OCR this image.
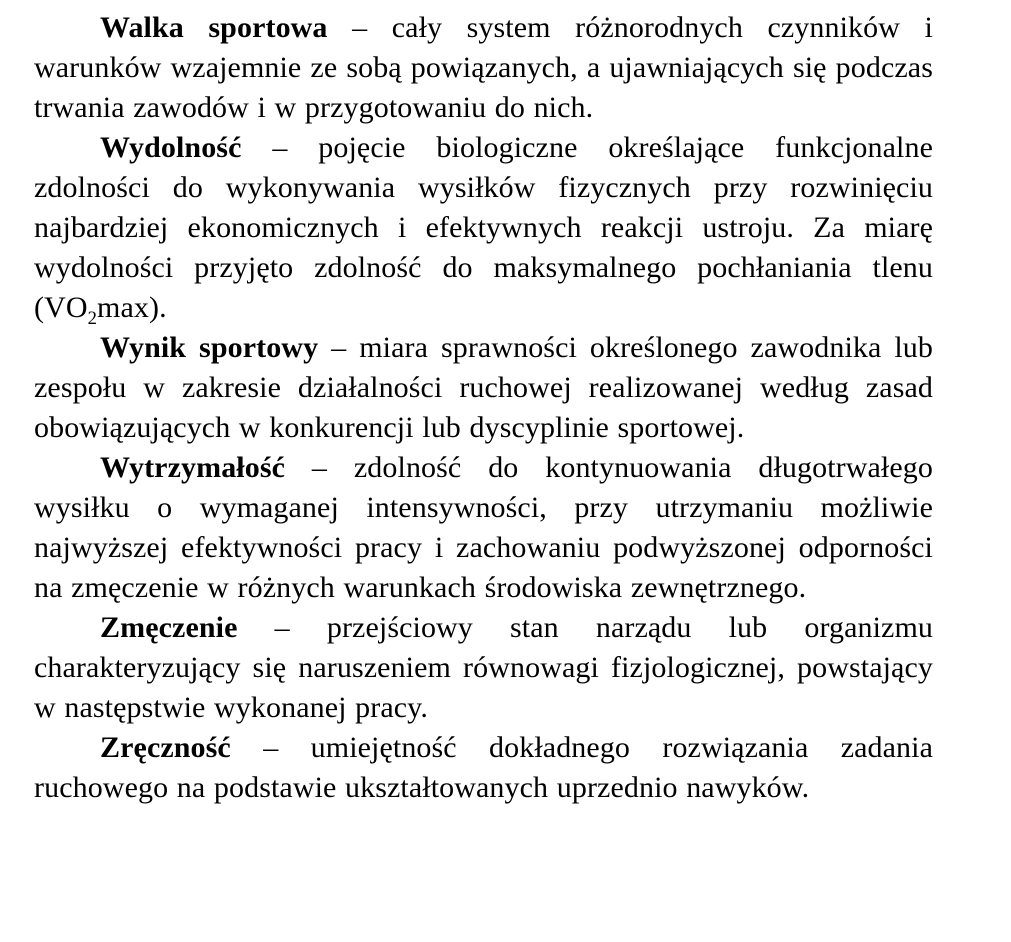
Walka sportowa – cały system różnorodnych czynników i warunków wzajemnie ze sobą powiązanych, a ujawniających się podczas trwania zawodów i w przygotowaniu do nich.

Wydolność – pojęcie biologiczne określające funkcjonalne zdolności do wykonywania wysiłków fizycznych przy rozwinięciu najbardziej ekonomicznych i efektywnych reakcji ustroju. Za miarę wydolności przyjęto zdolność do maksymalnego pochłaniania tlenu $(VO_2\max)$.

Wynik sportowy – miara sprawności określonego zawodnika lub zespołu w zakresie działalności ruchowej realizowanej według zasad obowiązujących w konkurencji lub dyscyplinie sportowej.

Wytrzymałość – zdolność do kontynuowania długotrwałego wysiłku o wymaganej intensywności, przy utrzymaniu możliwie najwyższej efektywności pracy i zachowaniu podwyższonej odporności na zmęczenie w różnych warunkach środowiska zewnętrznego.

Zmęczenie – przejściowy stan narządu lub organizmu charakteryzujący się naruszeniem równowagi fizjologicznej, powstający w następstwie wykonanej pracy.

Zręczność – umiejętność dokładnego rozwiązania zadania ruchowego na podstawie ukształtowanych uprzednio nawyków.
